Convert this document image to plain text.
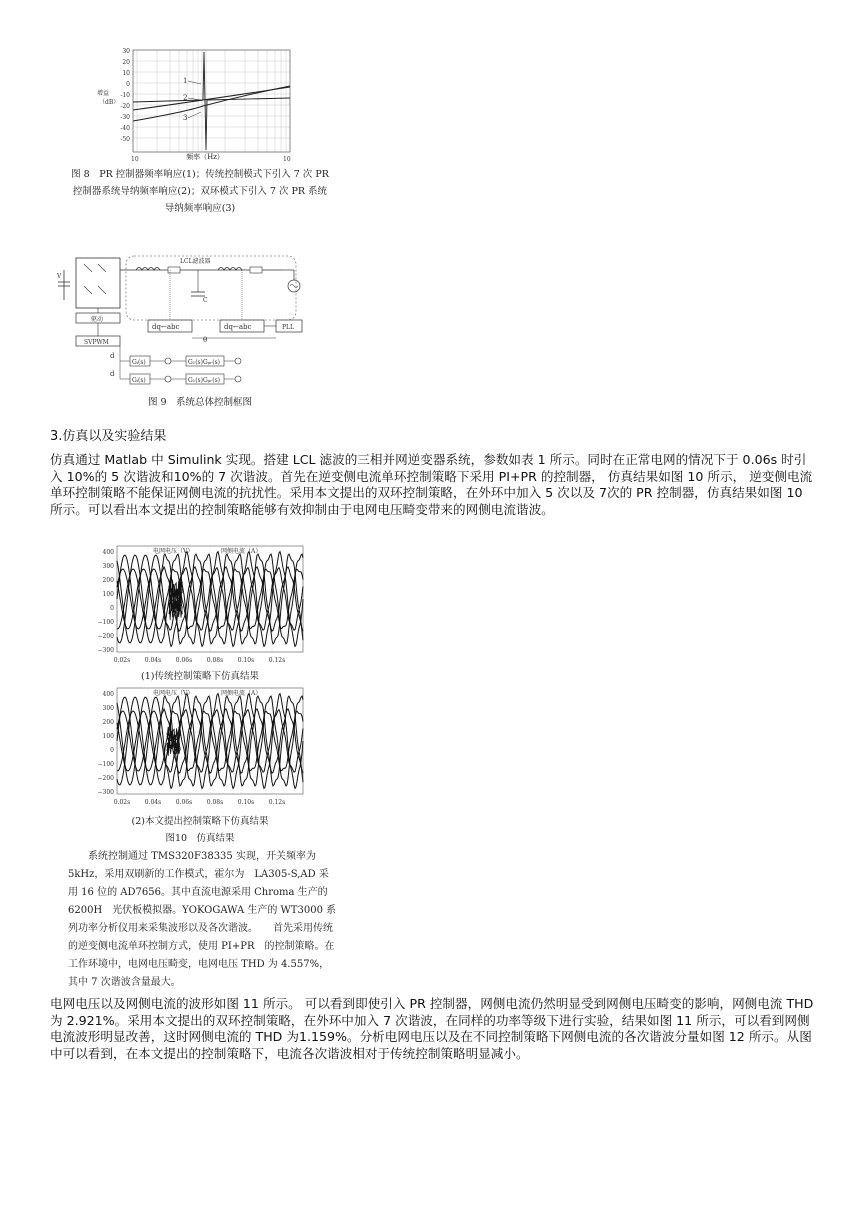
30
20
10
0
-10
-20
-30
-40
-50
增益
（dB）
1
2
3
10	10
频率（Hz）
图 8　PR 控制器频率响应(1)；传统控制模式下引入 7 次 PR
控制器系统导纳频率响应(2)；双环模式下引入 7 次 PR 系统
导纳频率响应(3)
V
LCL滤波器
C
驱动
SVPWM
dq←abc	dq←abc	PLL
θ
Gᵢ(s)
Gᵢ(s)
G₁(s)Gₚᵣ(s)
G₁(s)Gₚᵣ(s)
d
d
图 9　系统总体控制框图
3.仿真以及实验结果
仿真通过 Matlab 中 Simulink 实现。搭建 LCL 滤波的三相并网逆变器系统，参数如表 1 所示。同时在正常电网的情况下于 0.06s 时引入 10%的 5 次谐波和10%的 7 次谐波。首先在逆变侧电流单环控制策略下采用 PI+PR 的控制器， 仿真结果如图 10 所示， 逆变侧电流单环控制策略不能保证网侧电流的抗扰性。采用本文提出的双环控制策略，在外环中加入 5 次以及 7次的 PR 控制器，仿真结果如图 10 所示。可以看出本文提出的控制策略能够有效抑制由于电网电压畸变带来的网侧电流谐波。
400
300
200
100
0
−100
−200
−300
电网电压（V）	网侧电流（A）
0.02s 0.04s 0.06s 0.08s 0.10s 0.12s
(1)传统控制策略下仿真结果
400
300
200
100
0
−100
−200
−300
电网电压（V）	网侧电流（A）
0.02s 0.04s 0.06s 0.08s 0.10s 0.12s
(2)本文提出控制策略下仿真结果
图10　仿真结果
　　系统控制通过 TMS320F38335 实现，开关频率为 5kHz，采用双刷新的工作模式，霍尔为　LA305-S,AD 采用 16 位的 AD7656。其中直流电源采用 Chroma 生产的　6200H　光伏板模拟器。YOKOGAWA 生产的 WT3000 系列功率分析仪用来采集波形以及各次谐波。　　首先采用传统的逆变侧电流单环控制方式，使用 PI+PR　的控制策略。在工作环境中，电网电压畸变，电网电压 THD 为 4.557%，其中 7 次谐波含量最大。
电网电压以及网侧电流的波形如图 11 所示。 可以看到即使引入 PR 控制器，网侧电流仍然明显受到网侧电压畸变的影响，网侧电流 THD 为 2.921%。采用本文提出的双环控制策略，在外环中加入 7 次谐波，在同样的功率等级下进行实验，结果如图 11 所示，可以看到网侧电流波形明显改善，这时网侧电流的 THD 为1.159%。分析电网电压以及在不同控制策略下网侧电流的各次谐波分量如图 12 所示。从图中可以看到，在本文提出的控制策略下，电流各次谐波相对于传统控制策略明显减小。
